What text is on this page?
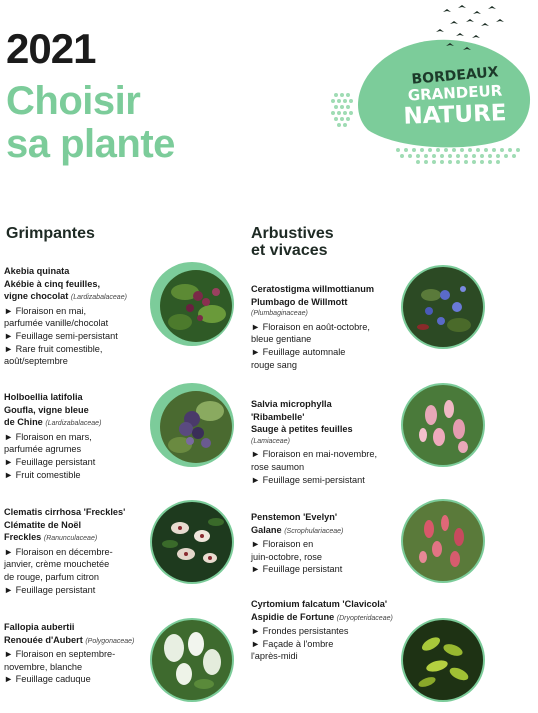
2021
Choisir
sa plante
BORDEAUX
GRANDEUR
NATURE
Grimpantes	Arbustives
et vivaces

Akebia quinata

Akébie à cinq feuilles,

vigne chocolat (Lardizabalaceae)

► Floraison en mai,

parfumée vanille/chocolat

► Feuillage semi-persistant

► Rare fruit comestible,

août/septembre

Holboellia latifolia

Goufla, vigne bleue

de Chine (Lardizabalaceae)

► Floraison en mars,

parfumée agrumes

► Feuillage persistant

► Fruit comestible

Clematis cirrhosa 'Freckles'

Clématite de Noël

Freckles (Ranunculaceae)

► Floraison en décembre-

janvier, crème mouchetée

de rouge, parfum citron

► Feuillage persistant

Fallopia aubertii

Renouée d'Aubert (Polygonaceae)

► Floraison en septembre-

novembre, blanche

► Feuillage caduque

Ceratostigma willmottianum

Plumbago de Willmott

(Plumbaginaceae)

► Floraison en août-octobre,

bleue gentiane

► Feuillage automnale

rouge sang

Salvia microphylla

'Ribambelle'

Sauge à petites feuilles

(Lamiaceae)

► Floraison en mai-novembre,

rose saumon

► Feuillage semi-persistant

Penstemon 'Evelyn'

Galane (Scrophulariaceae)

► Floraison en

juin-octobre, rose

► Feuillage persistant

Cyrtomium falcatum 'Clavicola'

Aspidie de Fortune (Dryopteridaceae)

► Frondes persistantes

► Façade à l'ombre

l'après-midi
